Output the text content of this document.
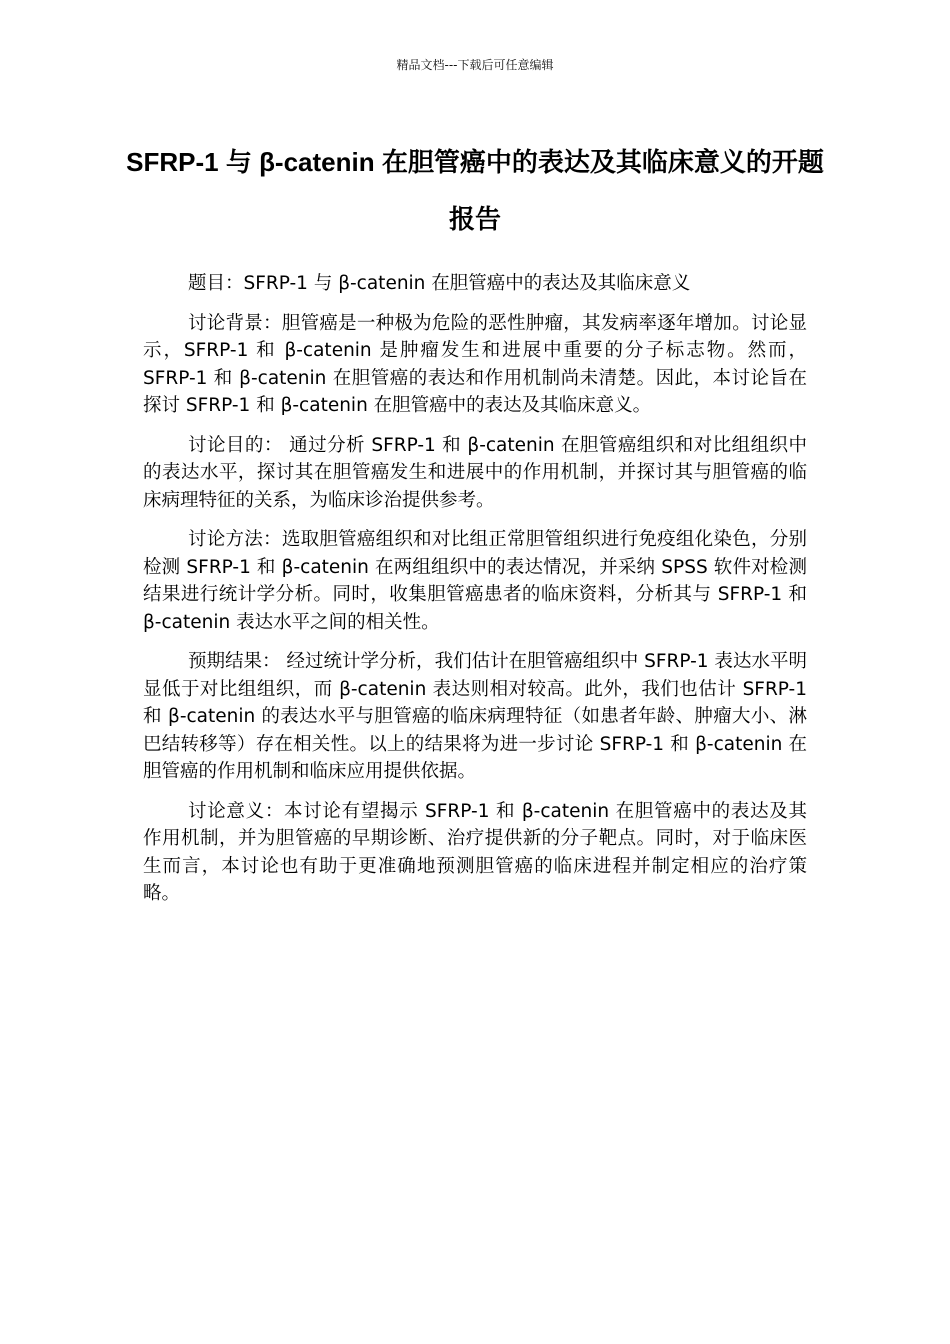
精品文档---下载后可任意编辑
SFRP-1 与 β-catenin 在胆管癌中的表达及其临床意义的开题报告

题目：SFRP-1 与 β-catenin 在胆管癌中的表达及其临床意义

讨论背景：胆管癌是一种极为危险的恶性肿瘤，其发病率逐年增加。讨论显示，SFRP-1 和 β-catenin 是肿瘤发生和进展中重要的分子标志物。然而，SFRP-1 和 β-catenin 在胆管癌的表达和作用机制尚未清楚。因此，本讨论旨在探讨 SFRP-1 和 β-catenin 在胆管癌中的表达及其临床意义。

讨论目的： 通过分析 SFRP-1 和 β-catenin 在胆管癌组织和对比组组织中的表达水平，探讨其在胆管癌发生和进展中的作用机制，并探讨其与胆管癌的临床病理特征的关系，为临床诊治提供参考。

讨论方法：选取胆管癌组织和对比组正常胆管组织进行免疫组化染色，分别检测 SFRP-1 和 β-catenin 在两组组织中的表达情况，并采纳 SPSS 软件对检测结果进行统计学分析。同时，收集胆管癌患者的临床资料，分析其与 SFRP-1 和 β-catenin 表达水平之间的相关性。

预期结果： 经过统计学分析，我们估计在胆管癌组织中 SFRP-1 表达水平明显低于对比组组织，而 β-catenin 表达则相对较高。此外，我们也估计 SFRP-1 和 β-catenin 的表达水平与胆管癌的临床病理特征（如患者年龄、肿瘤大小、淋巴结转移等）存在相关性。以上的结果将为进一步讨论 SFRP-1 和 β-catenin 在胆管癌的作用机制和临床应用提供依据。

讨论意义：本讨论有望揭示 SFRP-1 和 β-catenin 在胆管癌中的表达及其作用机制，并为胆管癌的早期诊断、治疗提供新的分子靶点。同时，对于临床医生而言，本讨论也有助于更准确地预测胆管癌的临床进程并制定相应的治疗策略。
